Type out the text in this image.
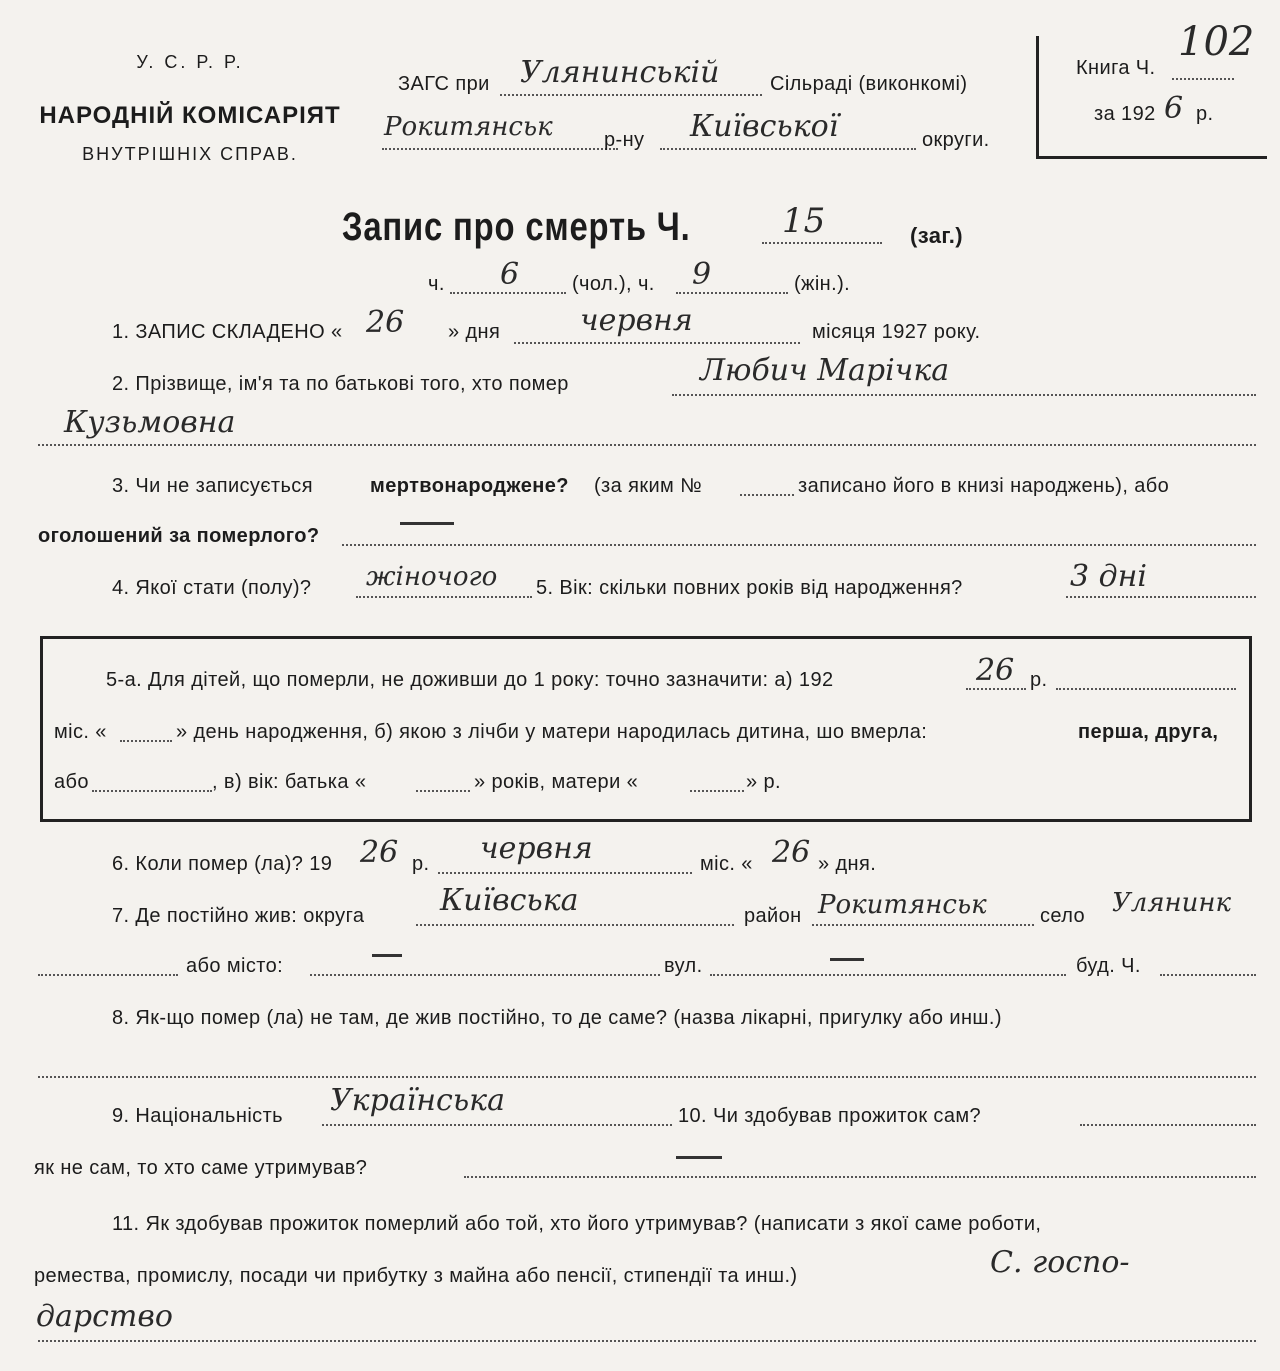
У. С. Р. Р.
НАРОДНІЙ КОМІСАРІЯТ
ВНУТРІШНІХ СПРАВ.
ЗАГС при Улянинській	Сільраді (виконкомі)
Рокитянськ	р-ну Київської	округи.
Книга Ч.
102
за 192 6 р.
Запис про смерть Ч.	15	(заг.)
ч. 6	(чол.), ч. 9	(жін.).
1. ЗАПИС СКЛАДЕНО « 26 » дня	червня	місяця 1927 року.
2. Прізвище, ім'я та по батькові того, хто помер	Любич Марічка
Кузьмовна
3. Чи не записується	мертвонароджене? (за яким №	записано його в книзі народжень), або
оголошений за померлого?
4. Якої стати (полу)? жіночого 5. Вік: скільки повних років від народження?	3 дні
5-а. Для дітей, що померли, не доживши до 1 року: точно зазначити: а) 192	26 р.
міс. «	» день народження, б) якою з лічби у матери народилась дитина, шо вмерла:	перша, друга,
або	, в) вік: батька «	» років, матери «	» р.
6. Коли помер (ла)? 19 26 р. червня	міс. « 26 » дня.
7. Де постійно жив: округа	Київська	район Рокитянськ	село Улянинк
або місто:	вул.	буд. Ч.
8. Як-що помер (ла) не там, де жив постійно, то де саме? (назва лікарні, пригулку або инш.)
9. Національність Українська	10. Чи здобував прожиток сам?
як не сам, то хто саме утримував?
11. Як здобував прожиток померлий або той, хто його утримував? (написати з якої саме роботи,
ремества, промислу, посади чи прибутку з майна або пенсії, стипендії та инш.)	С. госпо-
дарство
